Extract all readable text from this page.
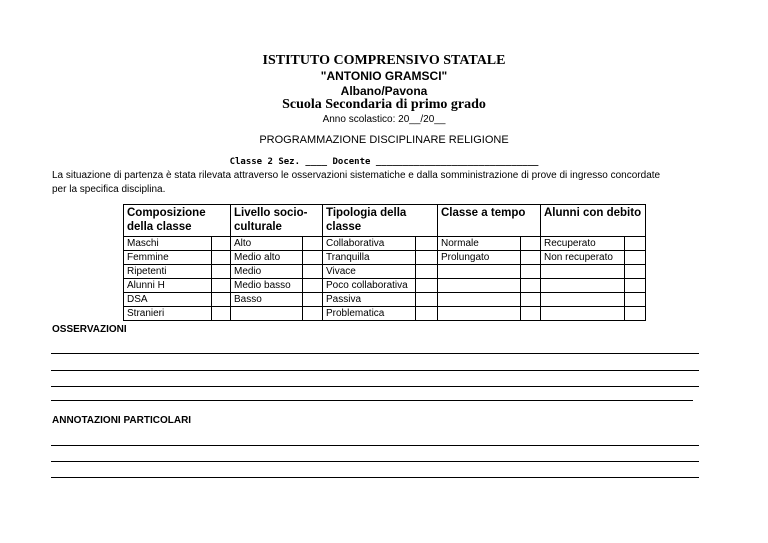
ISTITUTO COMPRENSIVO STATALE
"ANTONIO GRAMSCI"
Albano/Pavona
Scuola Secondaria di primo grado
Anno scolastico: 20__/20__
PROGRAMMAZIONE DISCIPLINARE RELIGIONE
Classe 2 Sez. ____ Docente ______________________________
La situazione di partenza è stata rilevata attraverso le osservazioni sistematiche e dalla somministrazione di prove di ingresso concordate
per la specifica disciplina.
Composizione della classe		Livello socio-culturale		Tipologia della classe		Classe a tempo		Alunni con debito	
Maschi		Alto		Collaborativa		Normale		Recuperato	
Femmine		Medio alto		Tranquilla		Prolungato		Non recuperato	
Ripetenti		Medio		Vivace					
Alunni H		Medio basso		Poco collaborativa					
DSA		Basso		Passiva					
Stranieri				Problematica					
OSSERVAZIONI
ANNOTAZIONI PARTICOLARI
